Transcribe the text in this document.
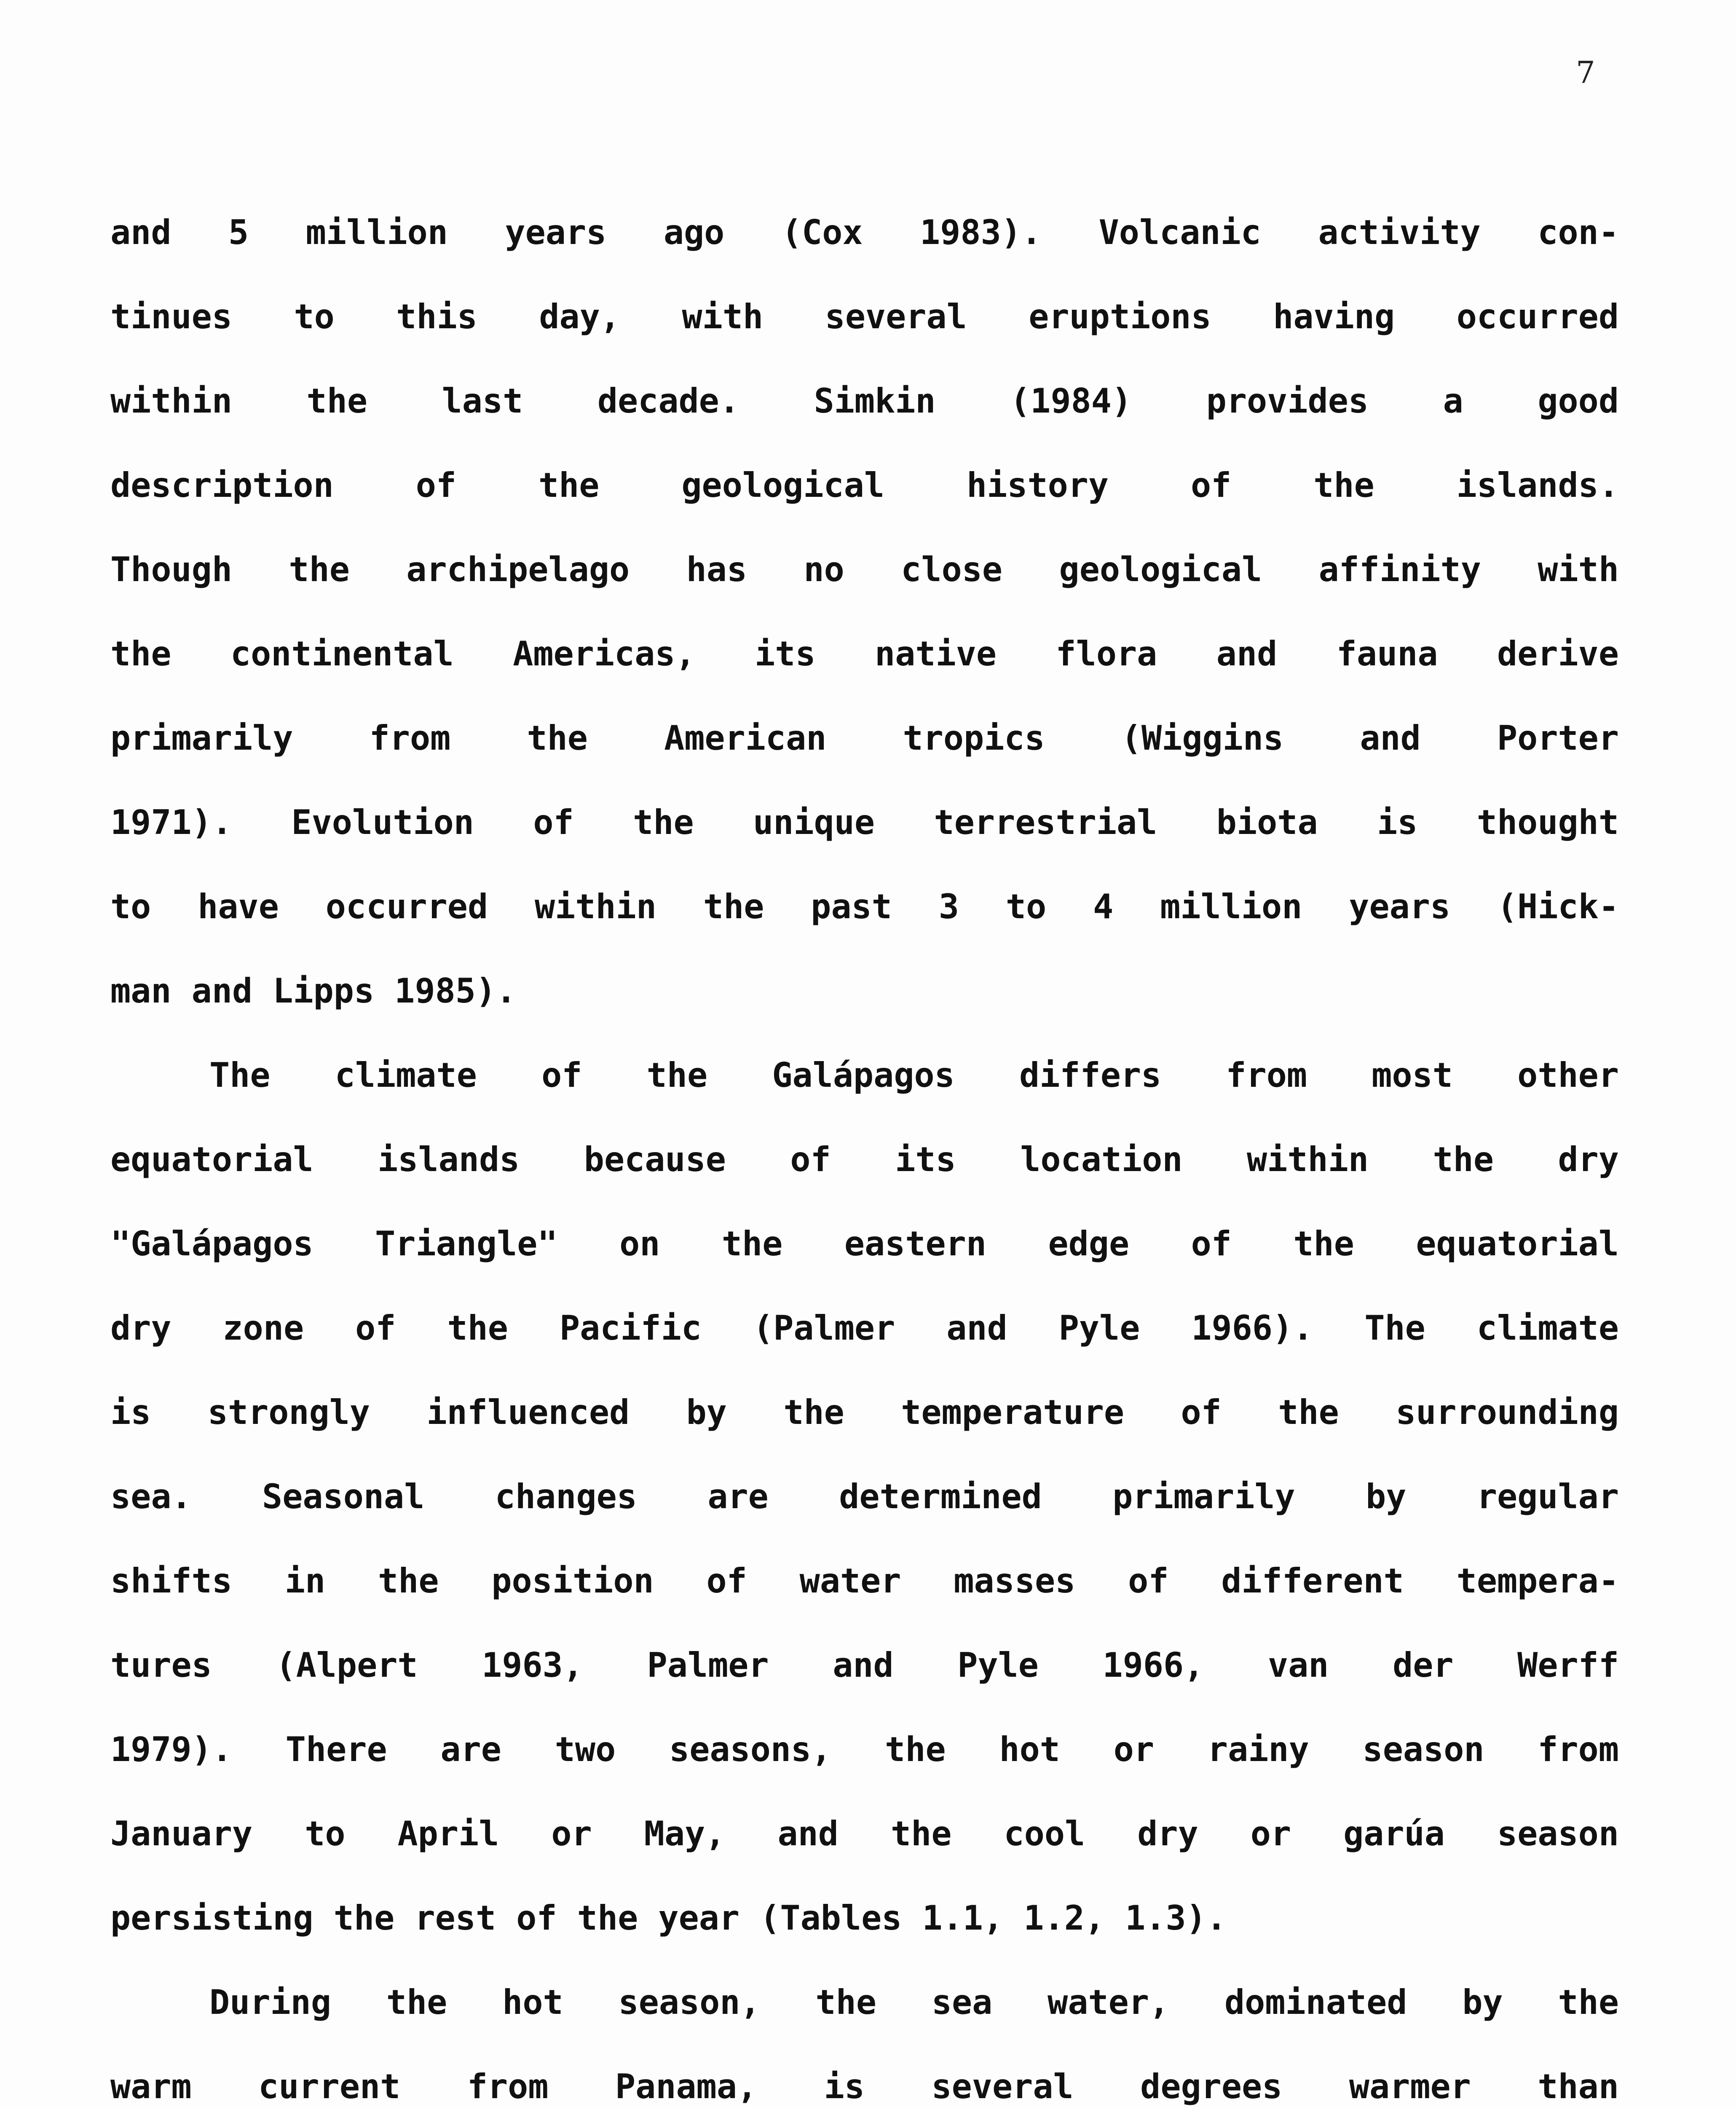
7
and 5 million years ago (Cox 1983). Volcanic activity con-
tinues to this day, with several eruptions having occurred
within the last decade. Simkin (1984) provides a good
description of the geological history of the islands.
Though the archipelago has no close geological affinity with
the continental Americas, its native flora and fauna derive
primarily from the American tropics (Wiggins and Porter
1971). Evolution of the unique terrestrial biota is thought
to have occurred within the past 3 to 4 million years (Hick-
man and Lipps 1985).
The climate of the Galápagos differs from most other
equatorial islands because of its location within the dry
"Galápagos Triangle" on the eastern edge of the equatorial
dry zone of the Pacific (Palmer and Pyle 1966). The climate
is strongly influenced by the temperature of the surrounding
sea. Seasonal changes are determined primarily by regular
shifts in the position of water masses of different tempera-
tures (Alpert 1963, Palmer and Pyle 1966, van der Werff
1979). There are two seasons, the hot or rainy season from
January to April or May, and the cool dry or garúa season
persisting the rest of the year (Tables 1.1, 1.2, 1.3).
During the hot season, the sea water, dominated by the
warm current from Panama, is several degrees warmer than
